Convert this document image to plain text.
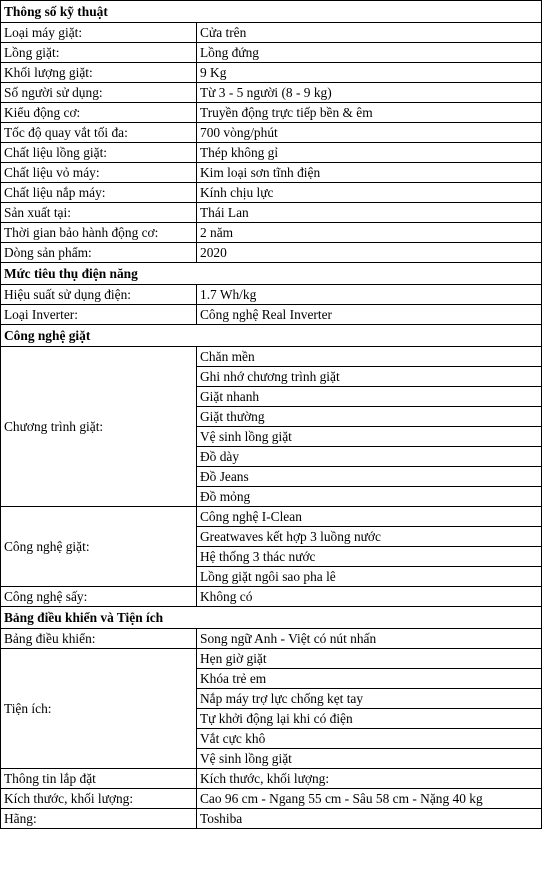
Thông số kỹ thuật	
Loại máy giặt:	Cửa trên
Lồng giặt:	Lồng đứng
Khối lượng giặt:	9 Kg
Số người sử dụng:	Từ 3 - 5 người (8 - 9 kg)
Kiểu động cơ:	Truyền động trực tiếp bền & êm
Tốc độ quay vắt tối đa:	700 vòng/phút
Chất liệu lồng giặt:	Thép không gỉ
Chất liệu vỏ máy:	Kim loại sơn tĩnh điện
Chất liệu nắp máy:	Kính chịu lực
Sản xuất tại:	Thái Lan
Thời gian bảo hành động cơ:	2 năm
Dòng sản phẩm:	2020
Mức tiêu thụ điện năng	
Hiệu suất sử dụng điện:	1.7 Wh/kg
Loại Inverter:	Công nghệ Real Inverter
Công nghệ giặt	
Chương trình giặt:	Chăn mền
	Ghi nhớ chương trình giặt
	Giặt nhanh
	Giặt thường
	Vệ sinh lồng giặt
	Đồ dày
	Đồ Jeans
	Đồ mỏng
Công nghệ giặt:	Công nghệ I-Clean
	Greatwaves kết hợp 3 luồng nước
	Hệ thống 3 thác nước
	Lồng giặt ngôi sao pha lê
Công nghệ sấy:	Không có
Bảng điều khiển và Tiện ích	
Bảng điều khiển:	Song ngữ Anh - Việt có nút nhấn
Tiện ích:	Hẹn giờ giặt
	Khóa trẻ em
	Nắp máy trợ lực chống kẹt tay
	Tự khởi động lại khi có điện
	Vắt cực khô
	Vệ sinh lồng giặt
Thông tin lắp đặt	Kích thước, khối lượng:
Kích thước, khối lượng:	Cao 96 cm - Ngang 55 cm - Sâu 58 cm - Nặng 40 kg
Hãng:	Toshiba
